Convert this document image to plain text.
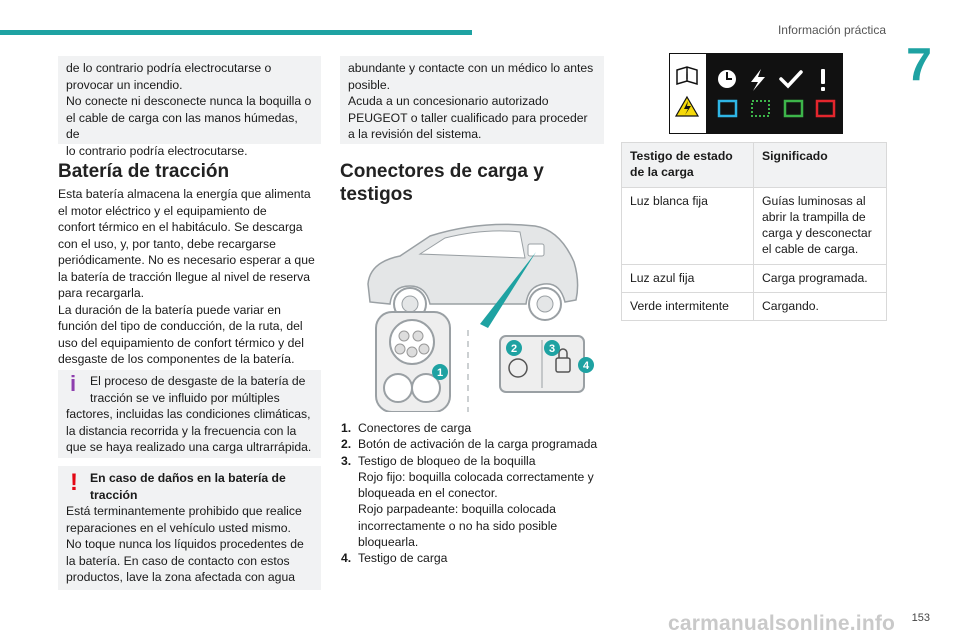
Información práctica
7
de lo contrario podría electrocutarse o
provocar un incendio.
No conecte ni desconecte nunca la boquilla o
el cable de carga con las manos húmedas, de
lo contrario podría electrocutarse.
Batería de tracción

Esta batería almacena la energía que alimenta

el motor eléctrico y el equipamiento de

confort térmico en el habitáculo. Se descarga

con el uso, y, por tanto, debe recargarse

periódicamente. No es necesario esperar a que

la batería de tracción llegue al nivel de reserva

para recargarla.

La duración de la batería puede variar en

función del tipo de conducción, de la ruta, del

uso del equipamiento de confort térmico y del

desgaste de los componentes de la batería.

i	El proceso de desgaste de la batería de
tracción se ve influido por múltiples
factores, incluidas las condiciones climáticas,
la distancia recorrida y la frecuencia con la
que se haya realizado una carga ultrarrápida.
! En caso de daños en la batería de
tracción
Está terminantemente prohibido que realice
reparaciones en el vehículo usted mismo.
No toque nunca los líquidos procedentes de
la batería. En caso de contacto con estos
productos, lave la zona afectada con agua
abundante y contacte con un médico lo antes
posible.
Acuda a un concesionario autorizado
PEUGEOT o taller cualificado para proceder
a la revisión del sistema.
Conectores de carga y
testigos
1
2	3
4
1. Conectores de carga
2. Botón de activación de la carga programada
3. Testigo de bloqueo de la boquilla
Rojo fijo: boquilla colocada correctamente y
bloqueada en el conector.
Rojo parpadeante: boquilla colocada
incorrectamente o no ha sido posible
bloquearla.
4. Testigo de carga
i
Testigo de estado de la carga	Significado
Luz blanca fija	Guías luminosas al abrir la trampilla de carga y desconectar el cable de carga.
Luz azul fija	Carga programada.
Verde intermitente	Cargando.
carmanualsonline.info 153
